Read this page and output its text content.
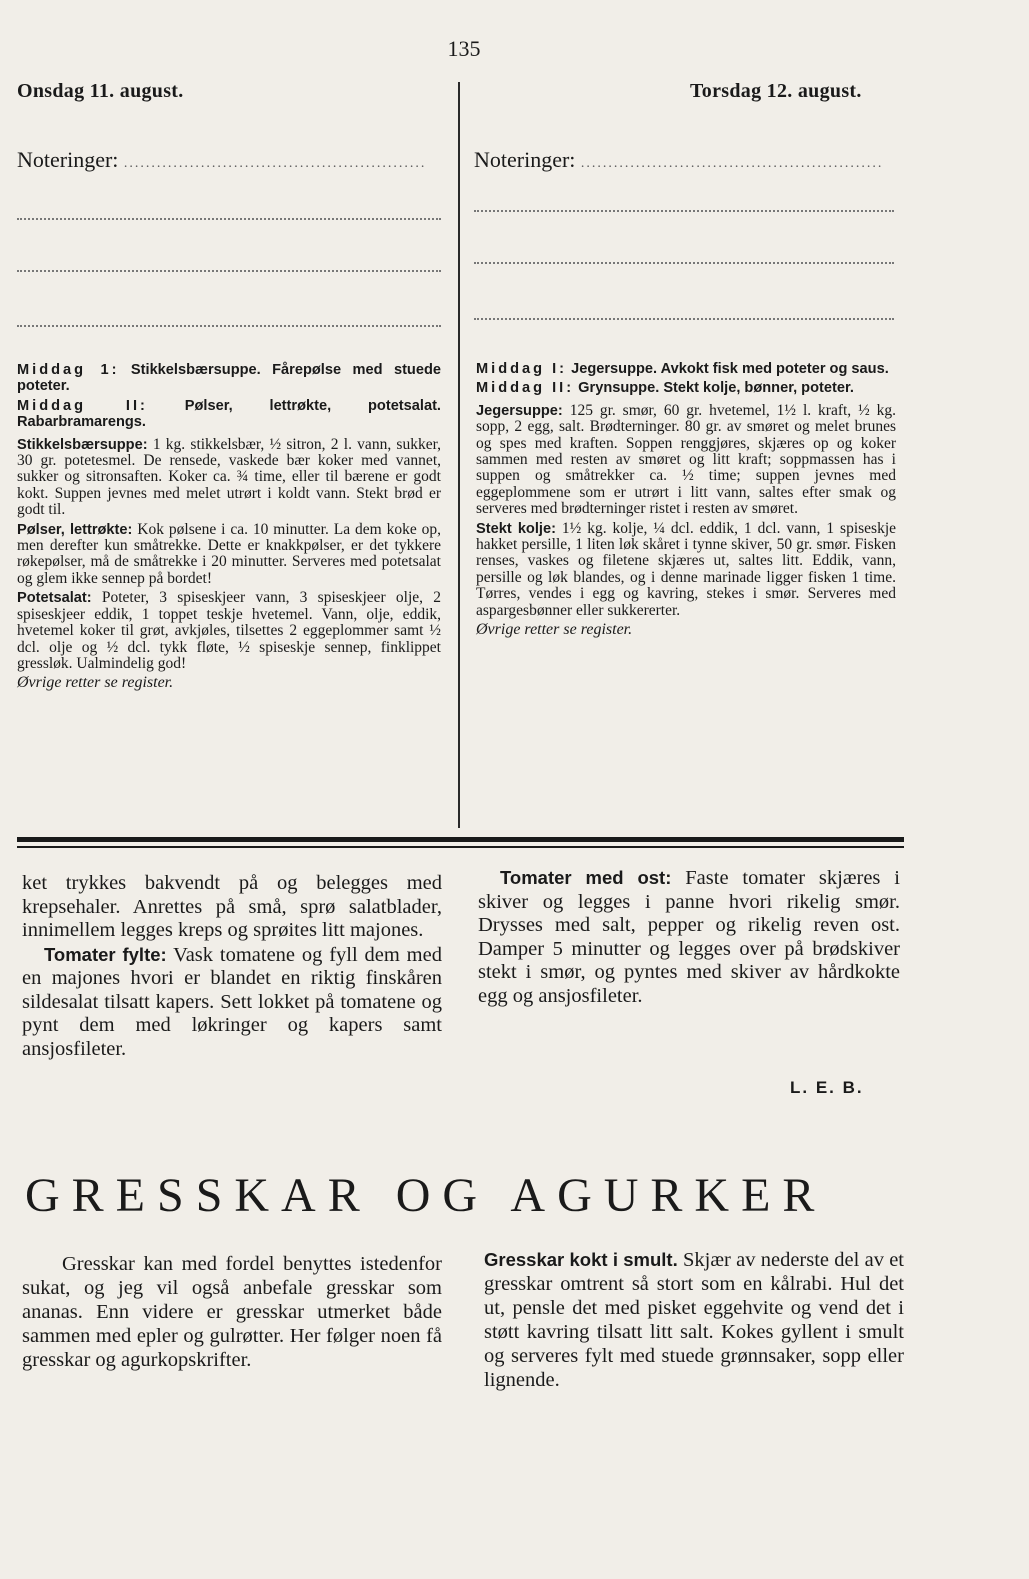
135
Onsdag 11. august.	Torsdag 12. august.
Noteringer: .......................................................	Noteringer: .......................................................

Middag 1: Stikkelsbærsuppe. Fårepølse med stuede poteter.

Middag II:	Pølser, lettrøkte, potetsalat. Rabarbramarengs.

Stikkelsbærsuppe: 1 kg. stikkelsbær, ½ sitron, 2 l. vann, sukker, 30 gr. potetesmel. De rensede, vaskede bær koker med vannet, sukker og sitronsaften. Koker ca. ¾ time, eller til bærene er godt kokt. Suppen jevnes med melet utrørt i koldt vann. Stekt brød er godt til.

Pølser, lettrøkte: Kok pølsene i ca. 10 minutter. La dem koke op, men derefter kun småtrekke. Dette er knakkpølser, er det tykkere røkepølser, må de småtrekke i 20 minutter. Serveres med potetsalat og glem ikke sennep på bordet!

Potetsalat: Poteter, 3 spiseskjeer vann, 3 spiseskjeer olje, 2 spiseskjeer eddik, 1 toppet teskje hvetemel. Vann, olje, eddik, hvetemel koker til grøt, avkjøles, tilsettes 2 eggeplommer samt ½ dcl. olje og ½ dcl. tykk fløte, ½ spiseskje sennep, finklippet gressløk. Ualmindelig god!

Øvrige retter se register.

Middag I: Jegersuppe. Avkokt fisk med poteter og saus.

Middag II: Grynsuppe. Stekt kolje, bønner, poteter.

Jegersuppe: 125 gr. smør, 60 gr. hvetemel, 1½ l. kraft, ½ kg. sopp, 2 egg, salt. Brødterninger. 80 gr. av smøret og melet brunes og spes med kraften. Soppen renggjøres, skjæres op og koker sammen med resten av smøret og litt kraft; soppmassen has i suppen og småtrekker ca. ½ time; suppen jevnes med eggeplommene som er utrørt i litt vann, saltes efter smak og serveres med brødterninger ristet i resten av smøret.

Stekt kolje: 1½ kg. kolje, ¼ dcl. eddik, 1 dcl. vann, 1 spiseskje hakket persille, 1 liten løk skåret i tynne skiver, 50 gr. smør. Fisken renses, vaskes og filetene skjæres ut, saltes litt. Eddik, vann, persille og løk blandes, og i denne marinade ligger fisken 1 time. Tørres, vendes i egg og kavring, stekes i smør. Serveres med aspargesbønner eller sukkererter.

Øvrige retter se register.

ket trykkes bakvendt på og belegges med krepsehaler. Anrettes på små, sprø salatblader, innimellem legges kreps og sprøites litt majones.

Tomater fylte: Vask tomatene og fyll dem med en majones hvori er blandet en riktig finskåren sildesalat tilsatt kapers. Sett lokket på tomatene og pynt dem med løkringer og kapers samt ansjosfileter.

Tomater med ost: Faste tomater skjæres i skiver og legges i panne hvori rikelig smør. Drysses med salt, pepper og rikelig reven ost. Damper 5 minutter og legges over på brødskiver stekt i smør, og pyntes med skiver av hårdkokte egg og ansjosfileter.

L. E. B.
GRESSKAR OG AGURKER

Gresskar kan med fordel benyttes istedenfor sukat, og jeg vil også anbefale gresskar som ananas. Enn videre er gresskar utmerket både sammen med epler og gulrøtter. Her følger noen få gresskar og agurkopskrifter.

Gresskar kokt i smult. Skjær av nederste del av et gresskar omtrent så stort som en kålrabi. Hul det ut, pensle det med pisket eggehvite og vend det i støtt kavring tilsatt litt salt. Kokes gyllent i smult og serveres fylt med stuede grønnsaker, sopp eller lignende.
